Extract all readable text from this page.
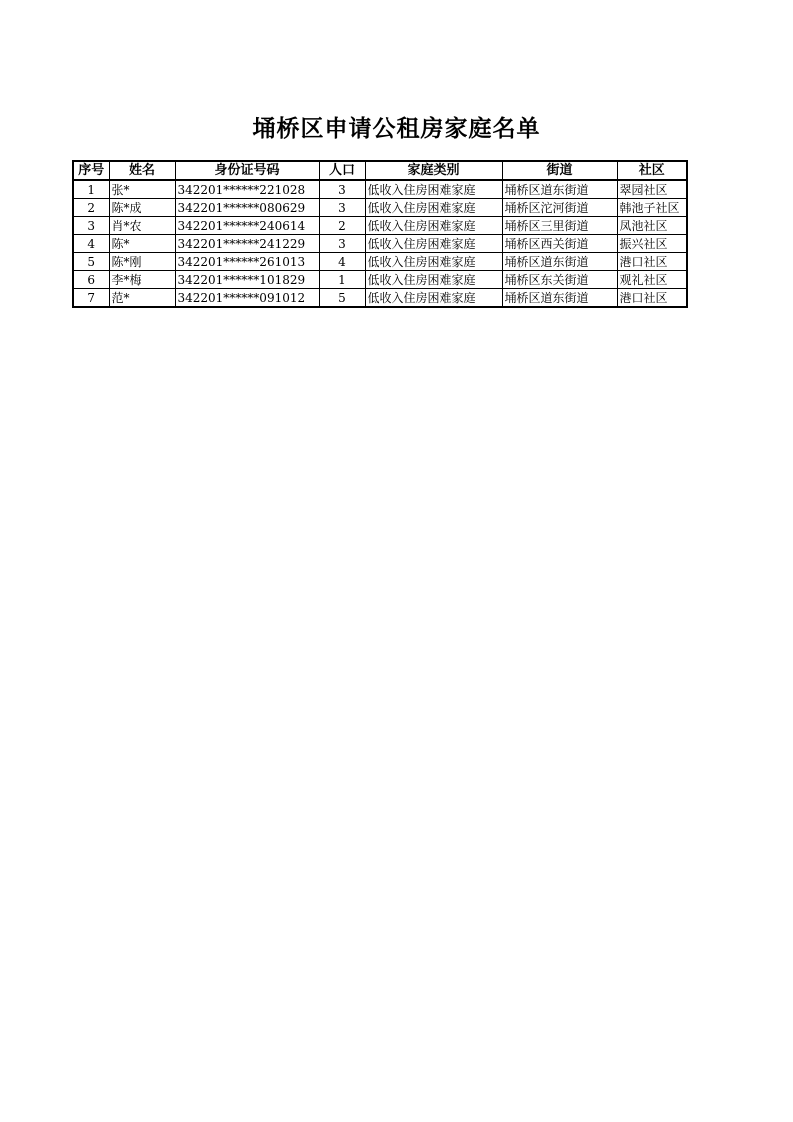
埇桥区申请公租房家庭名单
序号	姓名	身份证号码	人口	家庭类别	街道	社区
1	张*	342201******221028	3	低收入住房困难家庭	埇桥区道东街道	翠园社区
2	陈*成	342201******080629	3	低收入住房困难家庭	埇桥区沱河街道	韩池子社区
3	肖*农	342201******240614	2	低收入住房困难家庭	埇桥区三里街道	凤池社区
4	陈*	342201******241229	3	低收入住房困难家庭	埇桥区西关街道	振兴社区
5	陈*刚	342201******261013	4	低收入住房困难家庭	埇桥区道东街道	港口社区
6	李*梅	342201******101829	1	低收入住房困难家庭	埇桥区东关街道	观礼社区
7	范*	342201******091012	5	低收入住房困难家庭	埇桥区道东街道	港口社区
